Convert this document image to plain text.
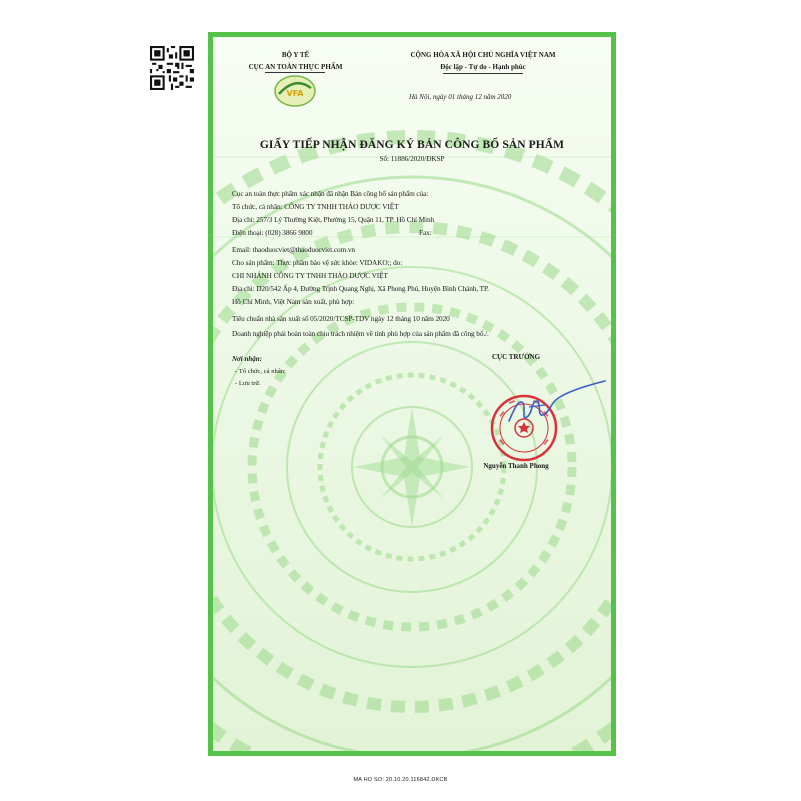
BỘ Y TẾ
CỤC AN TOÀN THỰC PHẨM
VFA
CỘNG HÒA XÃ HỘI CHỦ NGHĨA VIỆT NAM
Độc lập - Tự do - Hạnh phúc
Hà Nội, ngày 01 tháng 12 năm 2020
GIẤY TIẾP NHẬN ĐĂNG KÝ BẢN CÔNG BỐ SẢN PHẨM
Số: 11886/2020/ĐKSP
Cục an toàn thực phẩm xác nhận đã nhận Bản công bố sản phẩm của:
Tổ chức, cá nhân: CÔNG TY TNHH THẢO DƯỢC VIỆT
Địa chỉ: 257/3 Lý Thường Kiệt, Phường 15, Quận 11, TP. Hồ Chí Minh
Điện thoại: (028) 3866 9800	Fax:
Email: thaoduocviet@thaoduocviet.com.vn
Cho sản phẩm: Thực phẩm bảo vệ sức khỏe: VIDAKO;; do:
CHI NHÁNH CÔNG TY TNHH THẢO DƯỢC VIỆT
Địa chỉ: D20/542 Ấp 4, Đường Trịnh Quang Nghị, Xã Phong Phú, Huyện Bình Chánh, TP.
Hồ Chí Minh, Việt Nam sản xuất, phù hợp:
Tiêu chuẩn nhà sản xuất số 05/2020/TCSP-TDV ngày 12 tháng 10 năm 2020
Doanh nghiệp phải hoàn toàn chịu trách nhiệm về tính phù hợp của sản phẩm đã công bố./.
Nơi nhận:
- Tổ chức, cá nhân;
- Lưu trữ.
CỤC TRƯỞNG
Nguyễn Thanh Phong
MA HO SO: 20.10.20.116842.DKCB
